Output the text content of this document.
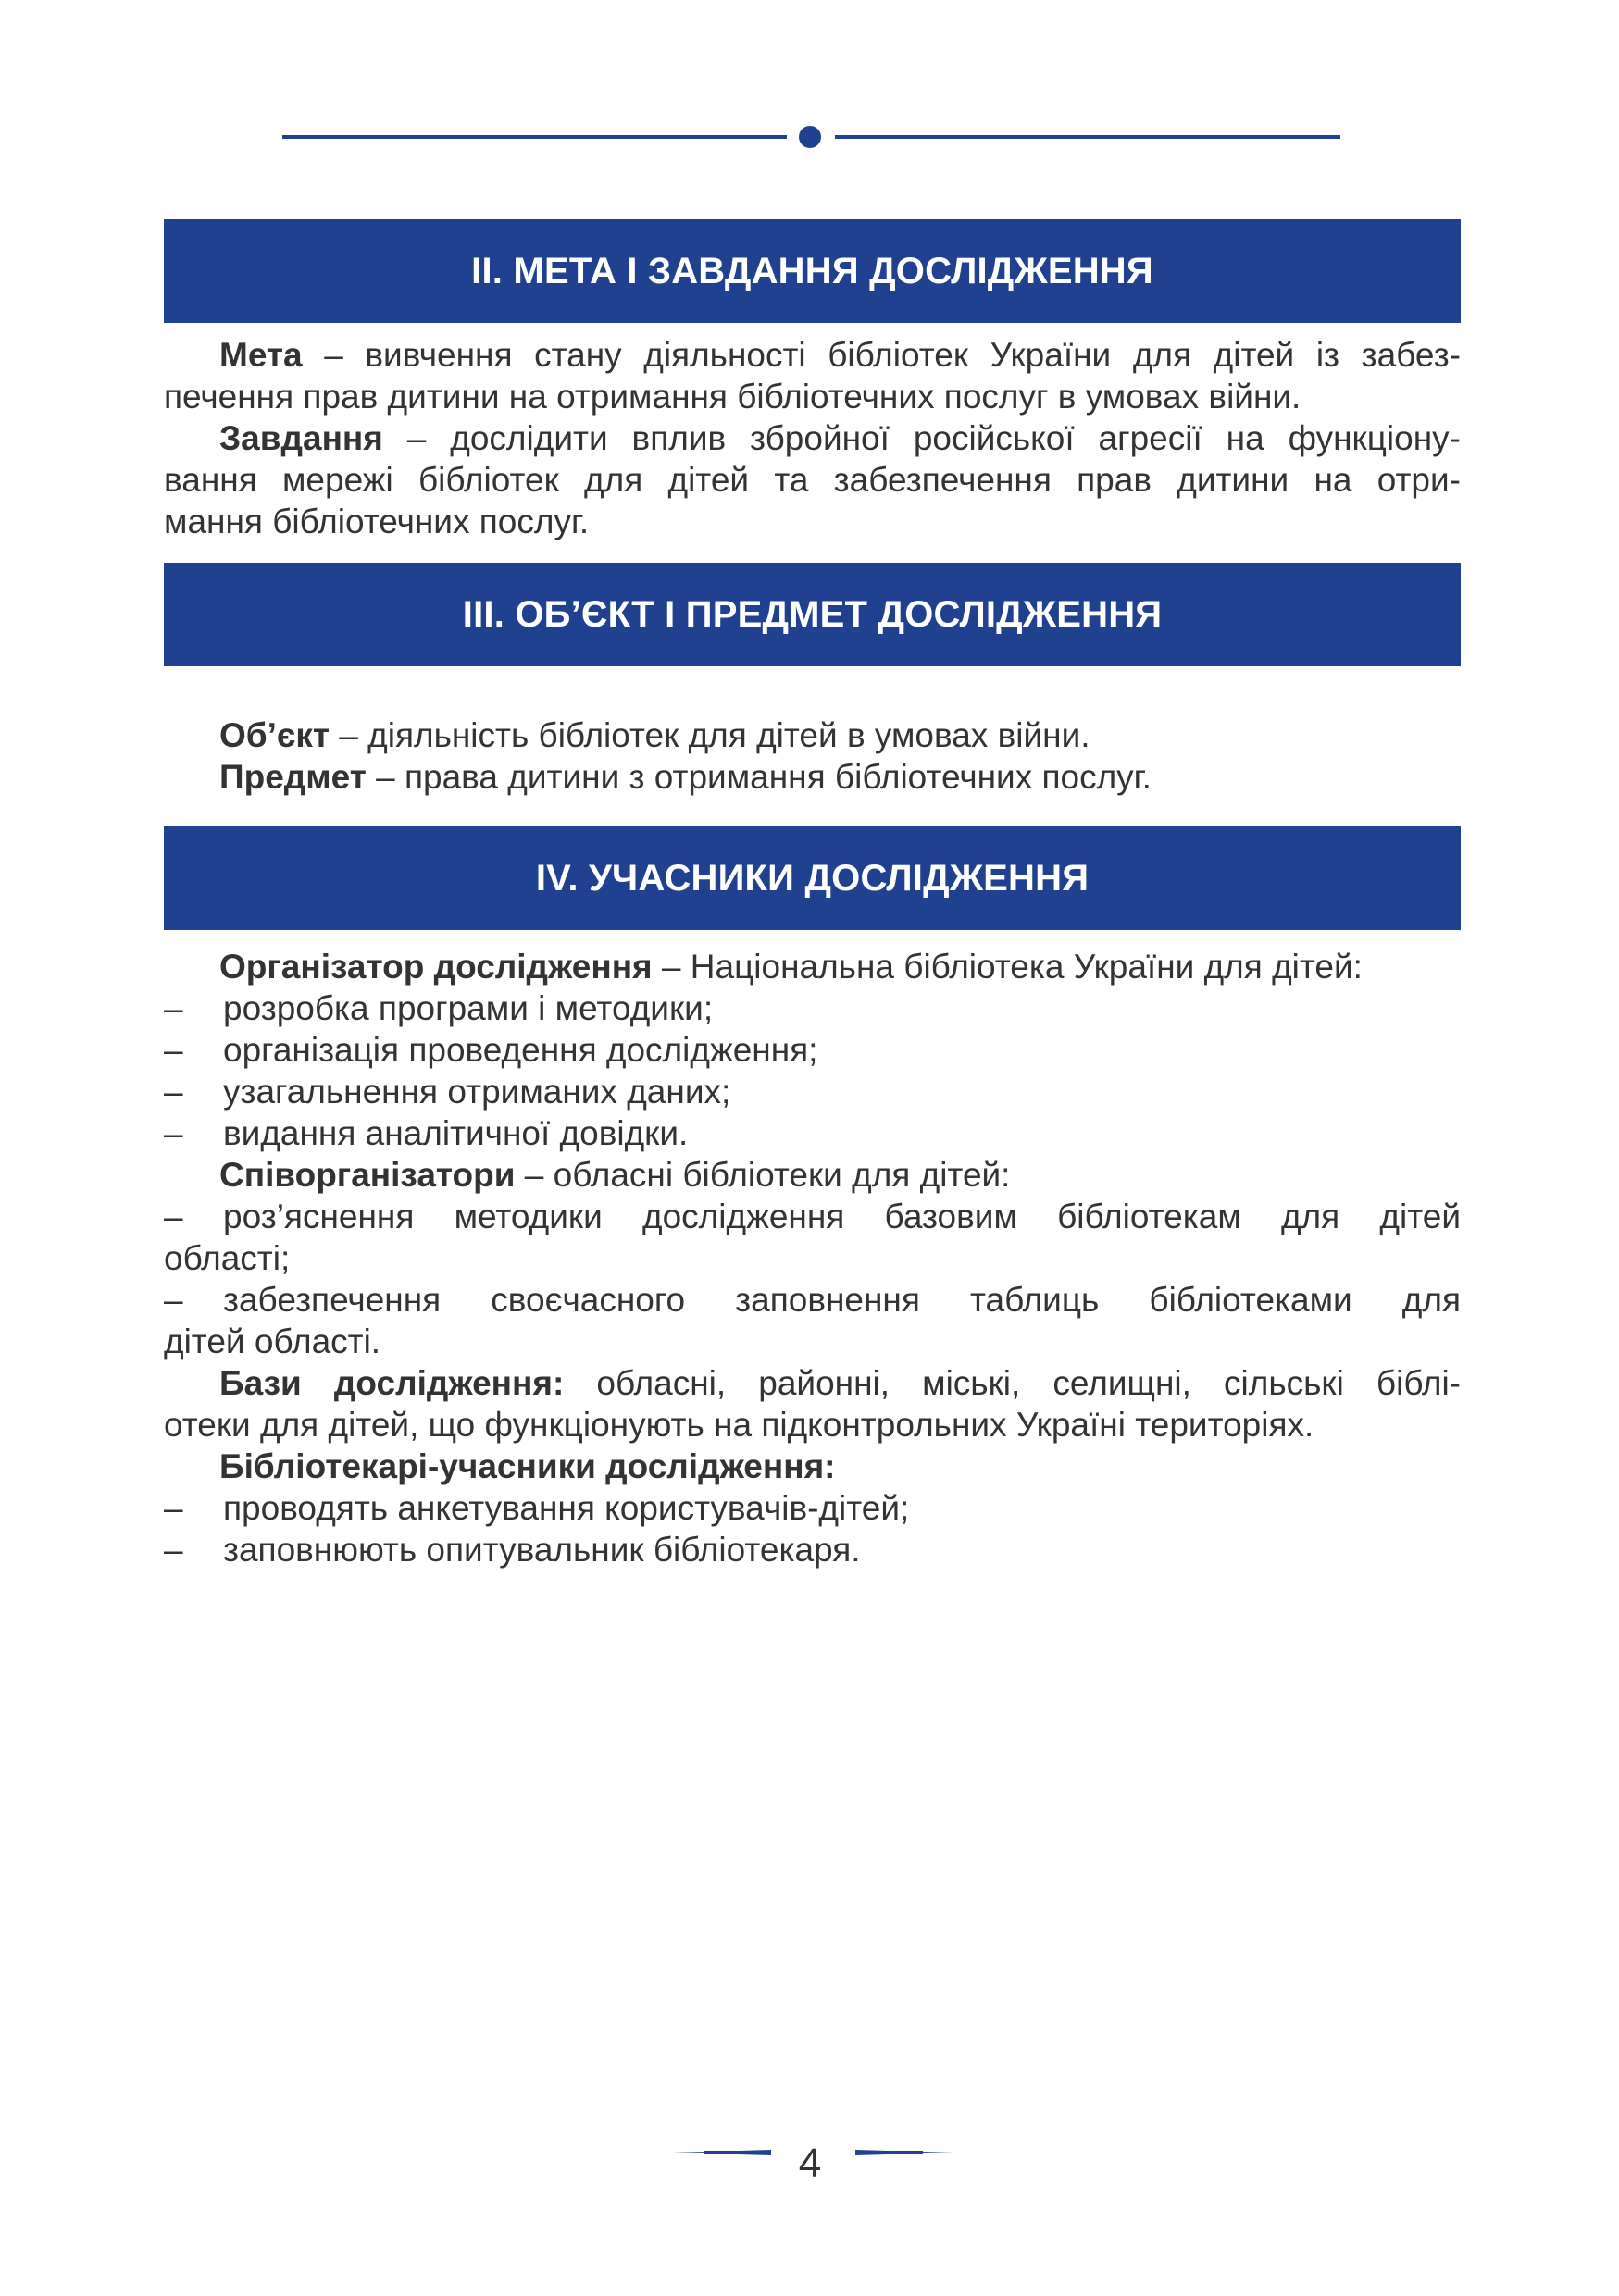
II. МЕТА І ЗАВДАННЯ ДОСЛІДЖЕННЯ

Мета – вивчення стану діяльності бібліотек України для дітей із забез-

печення прав дитини на отримання бібліотечних послуг в умовах війни.

Завдання – дослідити вплив збройної російської агресії на функціону-

вання мережі бібліотек для дітей та забезпечення прав дитини на отри-

мання бібліотечних послуг.

III. ОБ’ЄКТ І ПРЕДМЕТ ДОСЛІДЖЕННЯ

Об’єкт – діяльність бібліотек для дітей в умовах війни.

Предмет – права дитини з отримання бібліотечних послуг.

IV. УЧАСНИКИ ДОСЛІДЖЕННЯ

Організатор дослідження – Національна бібліотека України для дітей:

– розробка програми і методики;

– організація проведення дослідження;

– узагальнення отриманих даних;

– видання аналітичної довідки.

Співорганізатори – обласні бібліотеки для дітей:

– роз’яснення методики дослідження базовим бібліотекам для дітей

області;

– забезпечення своєчасного заповнення таблиць бібліотеками для

дітей області.

Бази дослідження: обласні, районні, міські, селищні, сільські біблі-

отеки для дітей, що функціонують на підконтрольних Україні територіях.

Бібліотекарі-учасники дослідження:

– проводять анкетування користувачів-дітей;

– заповнюють опитувальник бібліотекаря.

4
